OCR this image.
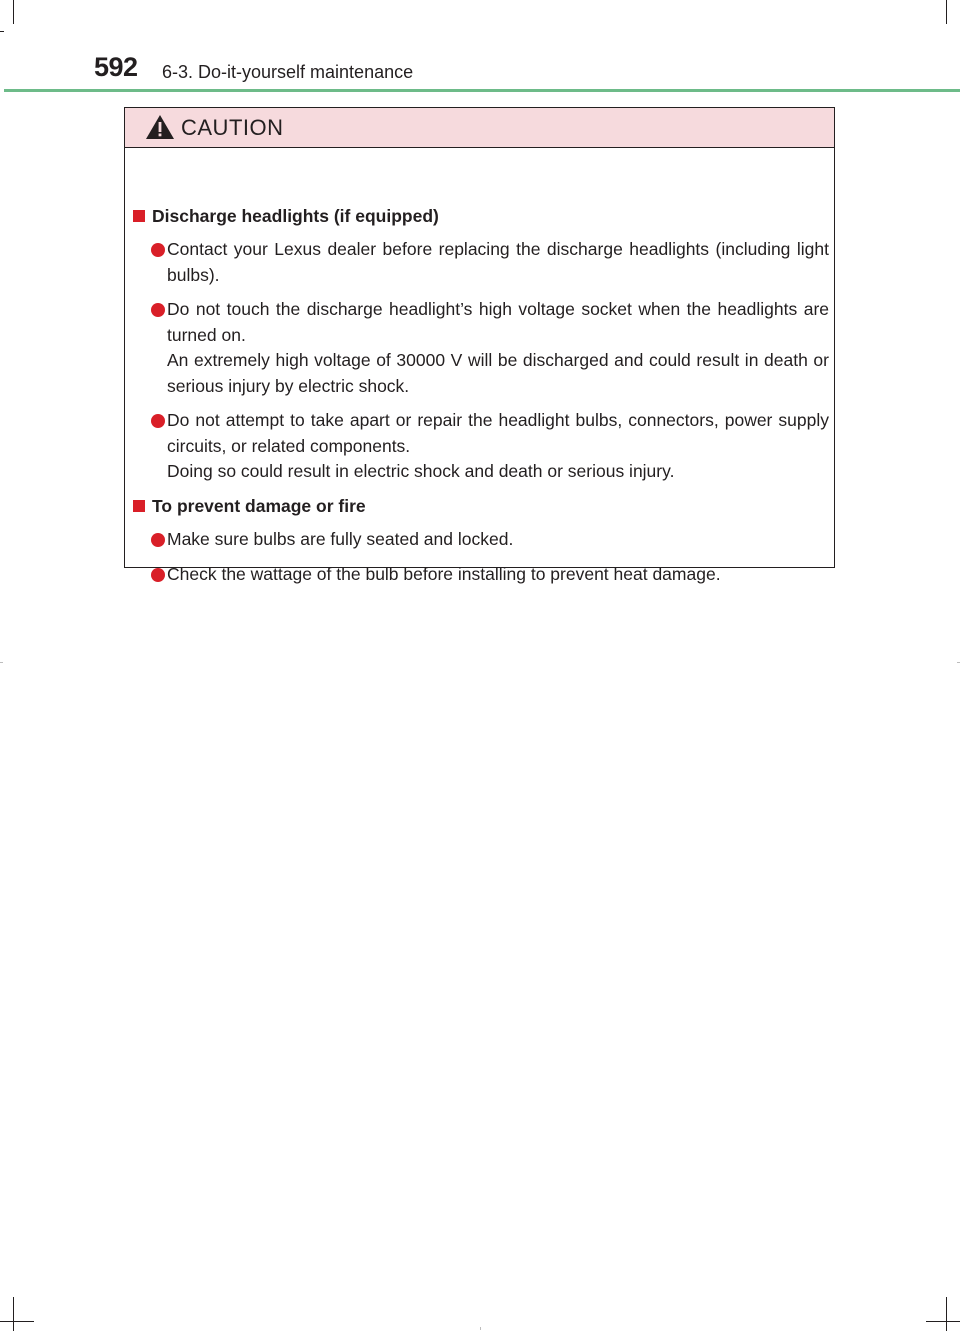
592 6-3. Do-it-yourself maintenance
CAUTION
Discharge headlights (if equipped)

Contact your Lexus dealer before replacing the discharge headlights (including light bulbs).

Do not touch the discharge headlight’s high voltage socket when the headlights are turned on.

An extremely high voltage of 30000 V will be discharged and could result in death or serious injury by electric shock.

Do not attempt to take apart or repair the headlight bulbs, connectors, power supply circuits, or related components.

Doing so could result in electric shock and death or serious injury.

To prevent damage or fire

Make sure bulbs are fully seated and locked.

Check the wattage of the bulb before installing to prevent heat damage.
